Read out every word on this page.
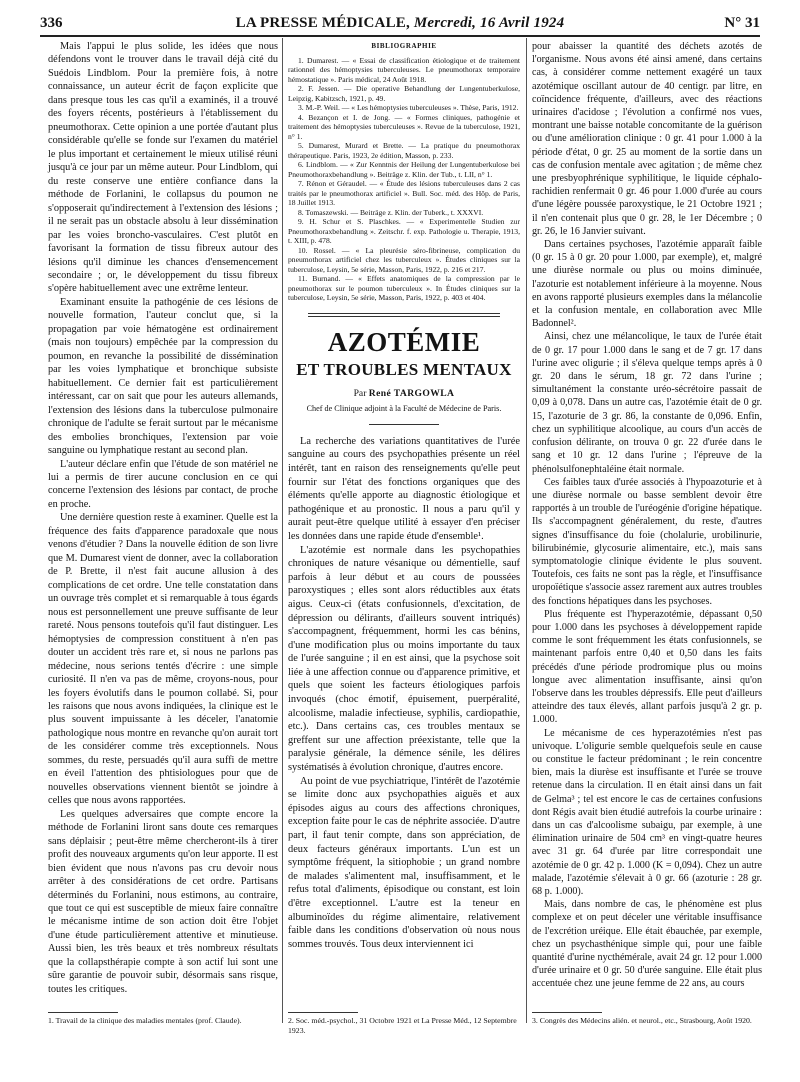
336	LA PRESSE MÉDICALE, Mercredi, 16 Avril 1924	N° 31

Mais l'appui le plus solide, les idées que nous défendons vont le trouver dans le travail déjà cité du Suédois Lindblom. Pour la première fois, à notre connaissance, un auteur écrit de façon explicite que dans presque tous les cas qu'il a examinés, il a trouvé des foyers récents, postérieurs à l'établissement du pneumothorax. Cette opinion a une portée d'autant plus considérable qu'elle se fonde sur l'examen du matériel le plus important et certainement le mieux utilisé réuni jusqu'à ce jour par un même auteur. Pour Lindblom, qui du reste conserve une entière confiance dans la méthode de Forlanini, le collapsus du poumon ne s'opposerait qu'indirectement à l'extension des lésions ; il ne serait pas un obstacle absolu à leur dissémination par les voies broncho-vasculaires. C'est plutôt en favorisant la formation de tissu fibreux autour des lésions qu'il diminue les chances d'ensemencement secondaire ; or, le développement du tissu fibreux s'opère habituellement avec une extrême lenteur.

Examinant ensuite la pathogénie de ces lésions de nouvelle formation, l'auteur conclut que, si la propagation par voie hématogène est ordinairement (mais non toujours) empêchée par la compression du poumon, en revanche la possibilité de dissémination par les voies lymphatique et bronchique subsiste habituellement. Ce dernier fait est particulièrement intéressant, car on sait que pour les auteurs allemands, l'extension des lésions dans la tuberculose pulmonaire chronique de l'adulte se ferait surtout par le mécanisme des embolies bronchiques, l'extension par voie sanguine ou lymphatique restant au second plan.

L'auteur déclare enfin que l'étude de son matériel ne lui a permis de tirer aucune conclusion en ce qui concerne l'extension des lésions par contact, de proche en proche.

Une dernière question reste à examiner. Quelle est la fréquence des faits d'apparence paradoxale que nous venons d'étudier ? Dans la nouvelle édition de son livre que M. Dumarest vient de donner, avec la collaboration de P. Brette, il n'est fait aucune allusion à des complications de cet ordre. Une telle constatation dans un ouvrage très complet et si remarquable à tous égards nous est personnellement une preuve suffisante de leur rareté. Nous pensons toutefois qu'il faut distinguer. Les hémoptysies de compression constituent à n'en pas douter un accident très rare et, si nous ne parlons pas médecine, nous serions tentés d'écrire : une simple curiosité. Il n'en va pas de même, croyons-nous, pour les foyers évolutifs dans le poumon collabé. Si, pour les raisons que nous avons indiquées, la clinique est le plus souvent impuissante à les déceler, l'anatomie pathologique nous montre en revanche qu'on aurait tort de les considérer comme très exceptionnels. Nous sommes, du reste, persuadés qu'il aura suffi de mettre en éveil l'attention des phtisiologues pour que de nouvelles observations viennent bientôt se joindre à celles que nous avons rapportées.

Les quelques adversaires que compte encore la méthode de Forlanini liront sans doute ces remarques sans déplaisir ; peut-être même chercheront-ils à tirer profit des nouveaux arguments qu'on leur apporte. Il est bien évident que nous n'avons pas cru devoir nous arrêter à des considérations de cet ordre. Partisans déterminés du Forlanini, nous estimons, au contraire, que tout ce qui est susceptible de mieux faire connaître le mécanisme intime de son action doit être l'objet d'une étude particulièrement attentive et minutieuse. Aussi bien, les très beaux et très nombreux résultats que la collapsthérapie compte à son actif lui sont une sûre garantie de pouvoir subir, désormais sans risque, toutes les critiques.

1. Travail de la clinique des maladies mentales (prof. Claude).
BIBLIOGRAPHIE
1. Dumarest. — « Essai de classification étiologique et de traitement rationnel des hémoptysies tuberculeuses. Le pneumothorax temporaire hémostatique ». Paris médical, 24 Août 1918.
2. F. Jessen. — Die operative Behandlung der Lungentuberkulose, Leipzig, Kabitzsch, 1921, p. 49.
3. M.-P. Weil. — « Les hémoptysies tuberculeuses ». Thèse, Paris, 1912.
4. Bezançon et I. de Jong. — « Formes cliniques, pathogénie et traitement des hémoptysies tuberculeuses ». Revue de la tuberculose, 1921, n° 1.
5. Dumarest, Murard et Brette. — La pratique du pneumothorax thérapeutique. Paris, 1923, 2e édition, Masson, p. 233.
6. Lindblom. — « Zur Kenntnis der Heilung der Lungentuberkulose bei Pneumothoraxbehandlung ». Beiträge z. Klin. der Tub., t. LII, n° 1.
7. Rénon et Géraudel. — « Étude des lésions tuberculeuses dans 2 cas traités par le pneumothorax artificiel ». Bull. Soc. méd. des Hôp. de Paris, 18 Juillet 1913.
8. Tomaszewski. — Beiträge z. Klin. der Tuberk., t. XXXVI.
9. H. Schur et S. Plaschkes. — « Experimentelle Studien zur Pneumothoraxbehandlung ». Zeitschr. f. exp. Pathologie u. Therapie, 1913, t. XIII, p. 478.
10. Rossel. — « La pleurésie séro-fibrineuse, complication du pneumothorax artificiel chez les tuberculeux ». Études cliniques sur la tuberculose, Leysin, 5e série, Masson, Paris, 1922, p. 216 et 217.
11. Burnand. — « Effets anatomiques de la compression par le pneumothorax sur le poumon tuberculeux ». In Études cliniques sur la tuberculose, Leysin, 5e série, Masson, Paris, 1922, p. 403 et 404.
AZOTÉMIE
ET TROUBLES MENTAUX
Par René TARGOWLA
Chef de Clinique adjoint à la Faculté de Médecine de Paris.

La recherche des variations quantitatives de l'urée sanguine au cours des psychopathies présente un réel intérêt, tant en raison des renseignements qu'elle peut fournir sur l'état des fonctions organiques que des éléments qu'elle apporte au diagnostic étiologique et pathogénique et au pronostic. Il nous a paru qu'il y aurait peut-être quelque utilité à essayer d'en préciser les données dans une rapide étude d'ensemble¹.

L'azotémie est normale dans les psychopathies chroniques de nature vésanique ou démentielle, sauf parfois à leur début et au cours de poussées paroxystiques ; elles sont alors réductibles aux états aigus. Ceux-ci (états confusionnels, d'excitation, de dépression ou délirants, d'ailleurs souvent intriqués) s'accompagnent, fréquemment, hormi les cas bénins, d'une modification plus ou moins importante du taux de l'urée sanguine ; il en est ainsi, que la psychose soit liée à une affection connue ou d'apparence primitive, et quels que soient les facteurs étiologiques parfois invoqués (choc émotif, épuisement, puerpéralité, alcoolisme, maladie infectieuse, syphilis, cardiopathie, etc.). Dans certains cas, ces troubles mentaux se greffent sur une affection préexistante, telle que la paralysie générale, la démence sénile, les délires systématisés à évolution chronique, d'autres encore.

Au point de vue psychiatrique, l'intérêt de l'azotémie se limite donc aux psychopathies aiguës et aux épisodes aigus au cours des affections chroniques, exception faite pour le cas de néphrite associée. D'autre part, il faut tenir compte, dans son appréciation, de deux facteurs généraux importants. L'un est un symptôme fréquent, la sitiophobie ; un grand nombre de malades s'alimentent mal, insuffisamment, et le refus total d'aliments, épisodique ou constant, est loin d'être exceptionnel. L'autre est la teneur en albuminoïdes du régime alimentaire, relativement faible dans les conditions d'observation où nous nous sommes trouvés. Tous deux interviennent ici

2. Soc. méd.-psychol., 31 Octobre 1921 et La Presse Méd., 12 Septembre 1923.

pour abaisser la quantité des déchets azotés de l'organisme. Nous avons été ainsi amené, dans certains cas, à considérer comme nettement exagéré un taux azotémique oscillant autour de 40 centigr. par litre, en coïncidence fréquente, d'ailleurs, avec des réactions urinaires d'acidose ; l'évolution a confirmé nos vues, montrant une baisse notable concomitante de la guérison ou d'une amélioration clinique : 0 gr. 41 pour 1.000 à la période d'état, 0 gr. 25 au moment de la sortie dans un cas de confusion mentale avec agitation ; de même chez une presbyophrénique syphilitique, le liquide céphalo-rachidien renfermait 0 gr. 46 pour 1.000 d'urée au cours d'une légère poussée paroxystique, le 21 Octobre 1921 ; il n'en contenait plus que 0 gr. 28, le 1er Décembre ; 0 gr. 26, le 16 Janvier suivant.

Dans certaines psychoses, l'azotémie apparaît faible (0 gr. 15 à 0 gr. 20 pour 1.000, par exemple), et, malgré une diurèse normale ou plus ou moins diminuée, l'azoturie est notablement inférieure à la moyenne. Nous en avons rapporté plusieurs exemples dans la mélancolie et la confusion mentale, en collaboration avec Mlle Badonnel².

Ainsi, chez une mélancolique, le taux de l'urée était de 0 gr. 17 pour 1.000 dans le sang et de 7 gr. 17 dans l'urine avec oligurie ; il s'éleva quelque temps après à 0 gr. 20 dans le sérum, 18 gr. 72 dans l'urine ; simultanément la constante uréo-sécrétoire passait de 0,09 à 0,078. Dans un autre cas, l'azotémie était de 0 gr. 15, l'azoturie de 3 gr. 86, la constante de 0,096. Enfin, chez un syphilitique alcoolique, au cours d'un accès de confusion délirante, on trouva 0 gr. 22 d'urée dans le sang et 10 gr. 12 dans l'urine ; l'épreuve de la phénolsulfonephtaléine était normale.

Ces faibles taux d'urée associés à l'hypoazoturie et à une diurèse normale ou basse semblent devoir être rapportés à un trouble de l'uréogénie d'origine hépatique. Ils s'accompagnent généralement, du reste, d'autres signes d'insuffisance du foie (cholalurie, urobilinurie, bilirubinémie, glycosurie alimentaire, etc.), mais sans symptomatologie clinique évidente le plus souvent. Toutefois, ces faits ne sont pas la règle, et l'insuffisance uropoïétique s'associe assez rarement aux autres troubles des fonctions hépatiques dans les psychoses.

Plus fréquente est l'hyperazotémie, dépassant 0,50 pour 1.000 dans les psychoses à développement rapide comme le sont fréquemment les états confusionnels, se maintenant parfois entre 0,40 et 0,50 dans les faits précédés d'une période prodromique plus ou moins longue avec alimentation insuffisante, ainsi qu'on l'observe dans les troubles dépressifs. Elle peut d'ailleurs atteindre des taux élevés, allant parfois jusqu'à 2 gr. p. 1.000.

Le mécanisme de ces hyperazotémies n'est pas univoque. L'oligurie semble quelquefois seule en cause ou constitue le facteur prédominant ; le rein concentre bien, mais la diurèse est insuffisante et l'urée se trouve retenue dans la circulation. Il en était ainsi dans un fait de Gelma³ ; tel est encore le cas de certaines confusions dont Régis avait bien étudié autrefois la courbe urinaire : dans un cas d'alcoolisme subaigu, par exemple, à une élimination urinaire de 504 cm³ en vingt-quatre heures avec 31 gr. 64 d'urée par litre correspondait une azotémie de 0 gr. 42 p. 1.000 (K = 0,094). Chez un autre malade, l'azotémie s'élevait à 0 gr. 66 (azoturie : 28 gr. 68 p. 1.000).

Mais, dans nombre de cas, le phénomène est plus complexe et on peut déceler une véritable insuffisance de l'excrétion uréique. Elle était ébauchée, par exemple, chez un psychasthénique simple qui, pour une faible quantité d'urine nycthémérale, avait 24 gr. 12 pour 1.000 d'urée urinaire et 0 gr. 50 d'urée sanguine. Elle était plus accentuée chez une jeune femme de 22 ans, au cours

3. Congrès des Médecins alién. et neurol., etc., Strasbourg, Août 1920.
